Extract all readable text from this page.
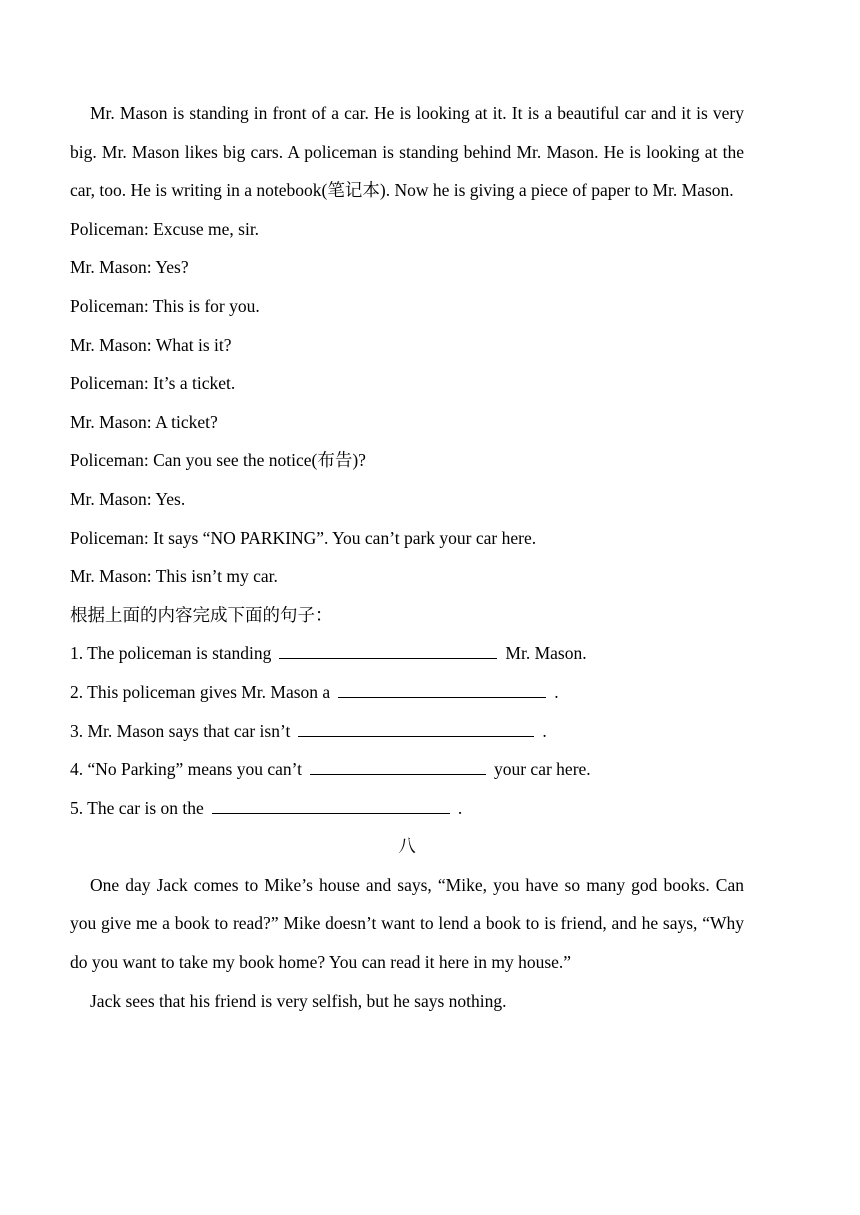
Mr. Mason is standing in front of a car. He is looking at it. It is a beautiful car and it is very big. Mr. Mason likes big cars. A policeman is standing behind Mr. Mason. He is looking at the car, too. He is writing in a notebook(笔记本). Now he is giving a piece of paper to Mr. Mason.

Policeman: Excuse me, sir.

Mr. Mason: Yes?

Policeman: This is for you.

Mr. Mason: What is it?

Policeman: It’s a ticket.

Mr. Mason: A ticket?

Policeman: Can you see the notice(布告)?

Mr. Mason: Yes.

Policeman: It says “NO PARKING”. You can’t park your car here.

Mr. Mason: This isn’t my car.

根据上面的内容完成下面的句子：

1. The policeman is standing	Mr. Mason.

2. This policeman gives Mr. Mason a	.

3. Mr. Mason says that car isn’t	.

4. “No Parking” means you can’t	your car here.

5. The car is on the	.

八

One day Jack comes to Mike’s house and says, “Mike, you have so many god books. Can you give me a book to read?” Mike doesn’t want to lend a book to is friend, and he says, “Why do you want to take my book home? You can read it here in my house.”

Jack sees that his friend is very selfish, but he says nothing.
